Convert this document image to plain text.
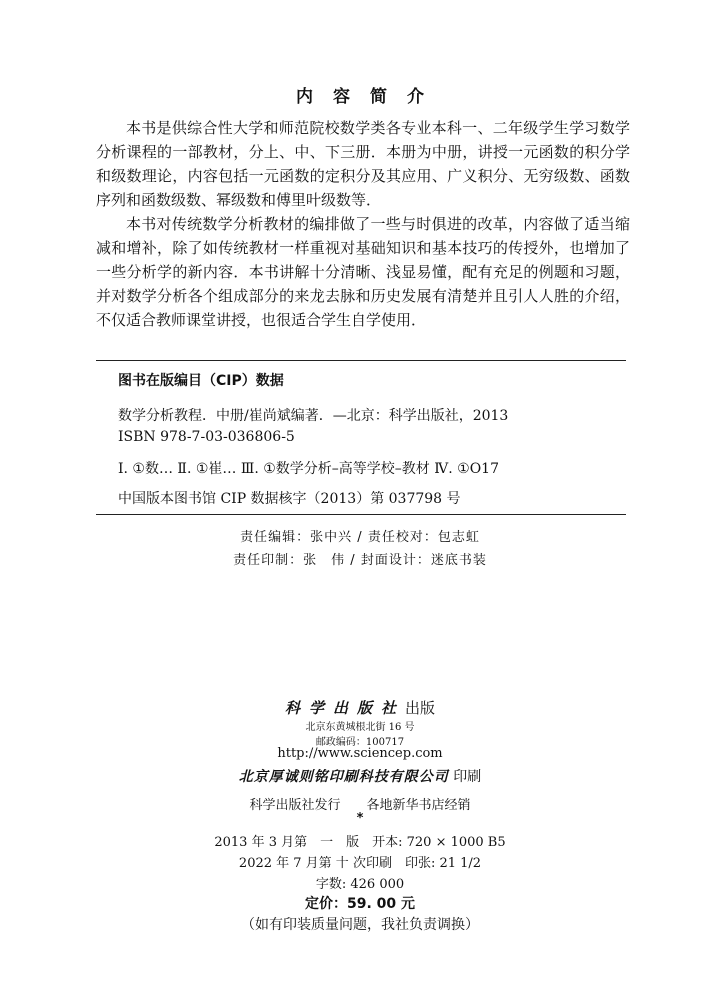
内容简介

本书是供综合性大学和师范院校数学类各专业本科一、二年级学生学习数学分析课程的一部教材，分上、中、下三册．本册为中册，讲授一元函数的积分学和级数理论，内容包括一元函数的定积分及其应用、广义积分、无穷级数、函数序列和函数级数、幂级数和傅里叶级数等．

本书对传统数学分析教材的编排做了一些与时俱进的改革，内容做了适当缩减和增补，除了如传统教材一样重视对基础知识和基本技巧的传授外，也增加了一些分析学的新内容．本书讲解十分清晰、浅显易懂，配有充足的例题和习题，并对数学分析各个组成部分的来龙去脉和历史发展有清楚并且引人人胜的介绍，不仅适合教师课堂讲授，也很适合学生自学使用．

图书在版编目（CIP）数据
数学分析教程．中册/崔尚斌编著．—北京：科学出版社，2013
ISBN 978-7-03-036806-5
Ⅰ. ①数… Ⅱ. ①崔… Ⅲ. ①数学分析–高等学校–教材 Ⅳ. ①O17
中国版本图书馆 CIP 数据核字（2013）第 037798 号
责任编辑：张中兴 / 责任校对：包志虹
责任印制：张　伟 / 封面设计：迷底书装
科学出版社出版
北京东黄城根北街 16 号
邮政编码：100717
http://www.sciencep.com
北京厚诚则铭印刷科技有限公司 印刷
科学出版社发行　　各地新华书店经销
*
2013 年 3 月第　一　版　开本: 720 × 1000 B5
2022 年 7 月第 十 次印刷　印张: 21 1/2
字数: 426 000
定价：59. 00 元
（如有印装质量问题，我社负责调换）
